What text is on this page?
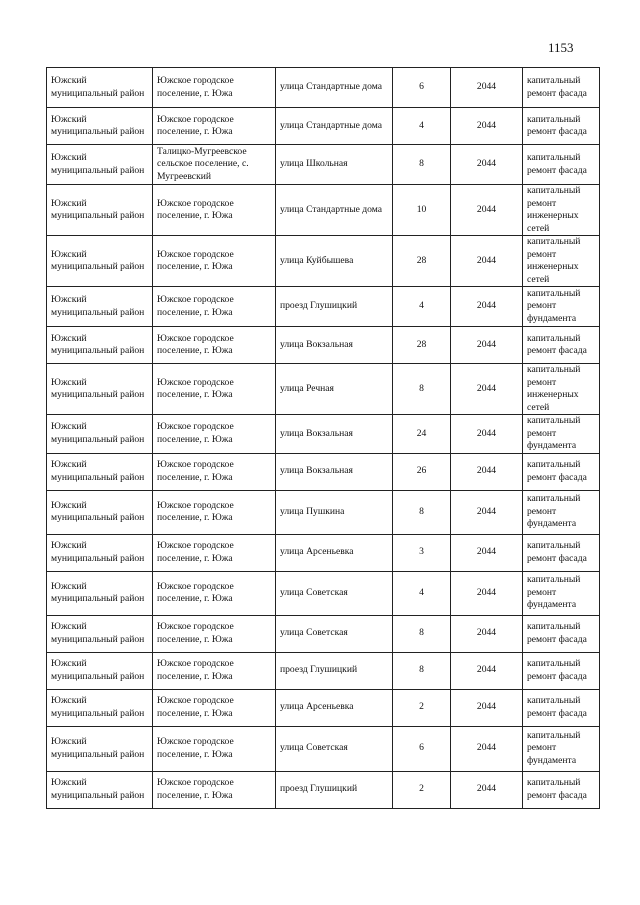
1153
Южский муниципальный район	Южское городское поселение, г. Южа	улица Стандартные дома	6	2044	капитальный ремонт фасада
Южский муниципальный район	Южское городское поселение, г. Южа	улица Стандартные дома	4	2044	капитальный ремонт фасада
Южский муниципальный район	Талицко-Мугреевское сельское поселение, с. Мугреевский	улица Школьная	8	2044	капитальный ремонт фасада
Южский муниципальный район	Южское городское поселение, г. Южа	улица Стандартные дома	10	2044	капитальный ремонт инженерных сетей
Южский муниципальный район	Южское городское поселение, г. Южа	улица Куйбышева	28	2044	капитальный ремонт инженерных сетей
Южский муниципальный район	Южское городское поселение, г. Южа	проезд Глушицкий	4	2044	капитальный ремонт фундамента
Южский муниципальный район	Южское городское поселение, г. Южа	улица Вокзальная	28	2044	капитальный ремонт фасада
Южский муниципальный район	Южское городское поселение, г. Южа	улица Речная	8	2044	капитальный ремонт инженерных сетей
Южский муниципальный район	Южское городское поселение, г. Южа	улица Вокзальная	24	2044	капитальный ремонт фундамента
Южский муниципальный район	Южское городское поселение, г. Южа	улица Вокзальная	26	2044	капитальный ремонт фасада
Южский муниципальный район	Южское городское поселение, г. Южа	улица Пушкина	8	2044	капитальный ремонт фундамента
Южский муниципальный район	Южское городское поселение, г. Южа	улица Арсеньевка	3	2044	капитальный ремонт фасада
Южский муниципальный район	Южское городское поселение, г. Южа	улица Советская	4	2044	капитальный ремонт фундамента
Южский муниципальный район	Южское городское поселение, г. Южа	улица Советская	8	2044	капитальный ремонт фасада
Южский муниципальный район	Южское городское поселение, г. Южа	проезд Глушицкий	8	2044	капитальный ремонт фасада
Южский муниципальный район	Южское городское поселение, г. Южа	улица Арсеньевка	2	2044	капитальный ремонт фасада
Южский муниципальный район	Южское городское поселение, г. Южа	улица Советская	6	2044	капитальный ремонт фундамента
Южский муниципальный район	Южское городское поселение, г. Южа	проезд Глушицкий	2	2044	капитальный ремонт фасада
